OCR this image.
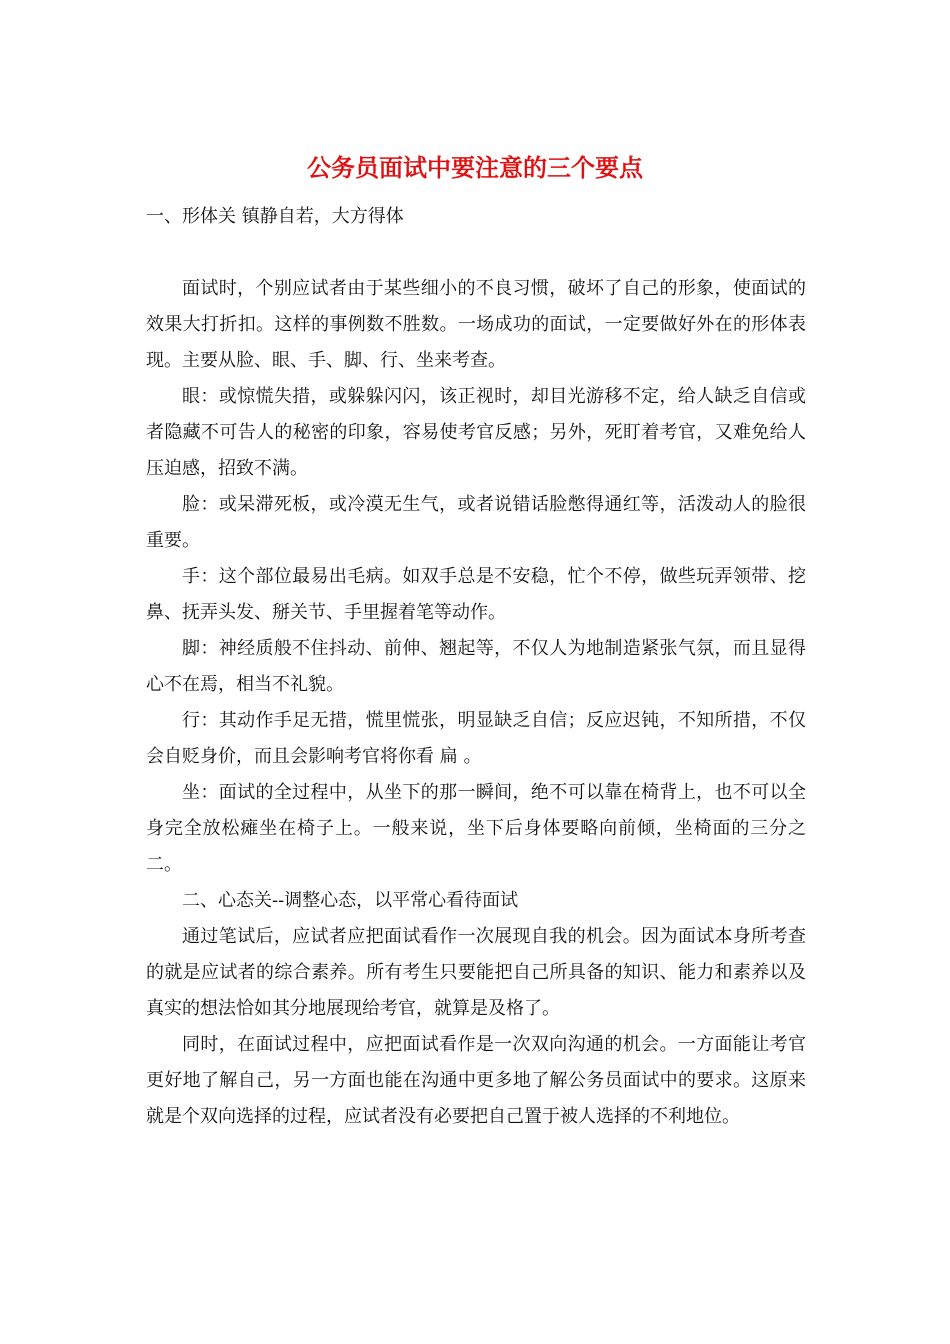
公务员面试中要注意的三个要点

一、形体关 镇静自若，大方得体

面试时，个别应试者由于某些细小的不良习惯，破坏了自己的形象，使面试的效果大打折扣。这样的事例数不胜数。一场成功的面试，一定要做好外在的形体表现。主要从脸、眼、手、脚、行、坐来考查。

眼：或惊慌失措，或躲躲闪闪，该正视时，却目光游移不定，给人缺乏自信或者隐藏不可告人的秘密的印象，容易使考官反感；另外，死盯着考官，又难免给人压迫感，招致不满。

脸：或呆滞死板，或冷漠无生气，或者说错话脸憋得通红等，活泼动人的脸很重要。

手：这个部位最易出毛病。如双手总是不安稳，忙个不停，做些玩弄领带、挖鼻、抚弄头发、掰关节、手里握着笔等动作。

脚：神经质般不住抖动、前伸、翘起等，不仅人为地制造紧张气氛，而且显得心不在焉，相当不礼貌。

行：其动作手足无措，慌里慌张，明显缺乏自信；反应迟钝，不知所措，不仅会自贬身价，而且会影响考官将你看 扁 。

坐：面试的全过程中，从坐下的那一瞬间，绝不可以靠在椅背上，也不可以全身完全放松瘫坐在椅子上。一般来说，坐下后身体要略向前倾，坐椅面的三分之二。

二、心态关--调整心态，以平常心看待面试

通过笔试后，应试者应把面试看作一次展现自我的机会。因为面试本身所考查的就是应试者的综合素养。所有考生只要能把自己所具备的知识、能力和素养以及真实的想法恰如其分地展现给考官，就算是及格了。

同时，在面试过程中，应把面试看作是一次双向沟通的机会。一方面能让考官更好地了解自己，另一方面也能在沟通中更多地了解公务员面试中的要求。这原来就是个双向选择的过程，应试者没有必要把自己置于被人选择的不利地位。
